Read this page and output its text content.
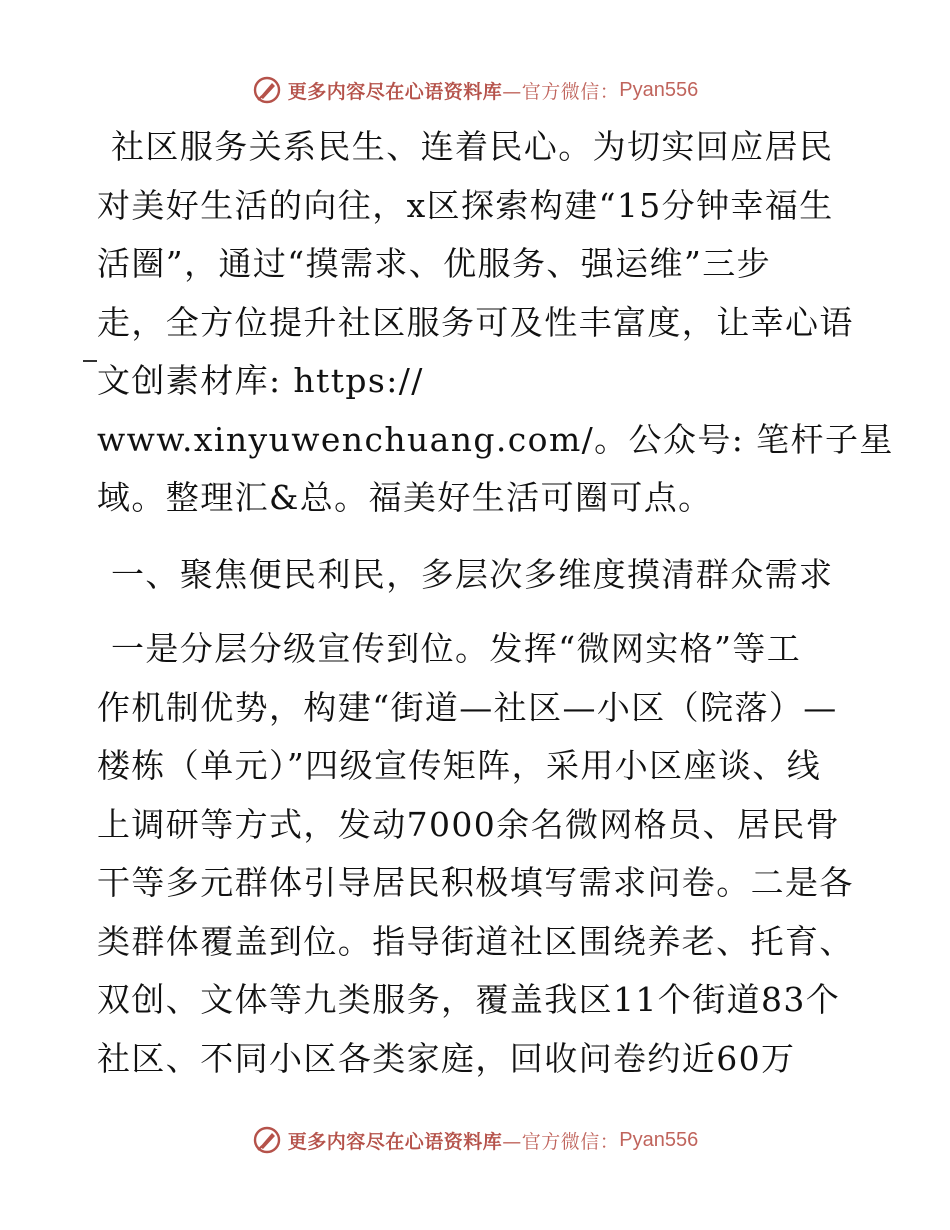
更多内容尽在心语资料库 —官方微信： Pyan556

社区服务关系民生、连着民心。为切实回应居民
对美好生活的向往，x区探索构建“15分钟幸福生
活圈”，通过“摸需求、优服务、强运维”三步
走，全方位提升社区服务可及性丰富度，让幸心语
文创素材库: https://
www.xinyuwenchuang.com/。公众号: 笔杆子星
域。整理汇&总。福美好生活可圈可点。

一、聚焦便民利民，多层次多维度摸清群众需求

一是分层分级宣传到位。发挥“微网实格”等工
作机制优势，构建“街道—社区—小区（院落）—
楼栋（单元）”四级宣传矩阵，采用小区座谈、线
上调研等方式，发动7000余名微网格员、居民骨
干等多元群体引导居民积极填写需求问卷。二是各
类群体覆盖到位。指导街道社区围绕养老、托育、
双创、文体等九类服务，覆盖我区11个街道83个
社区、不同小区各类家庭，回收问卷约近60万

更多内容尽在心语资料库 —官方微信： Pyan556
